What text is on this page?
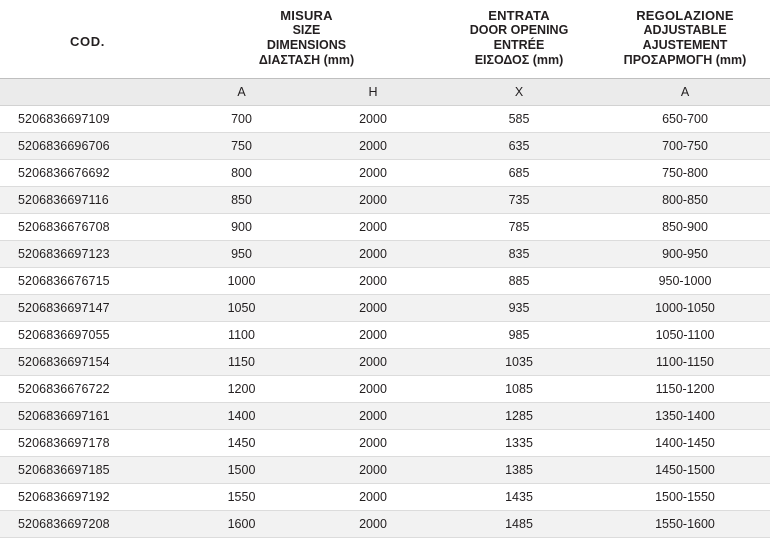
COD.	MISURA
SIZE
DIMENSIONS
ΔΙΑΣΤΑΣΗ (mm)		ENTRATA
DOOR OPENING
ENTRÉE
ΕΙΣΟΔΟΣ (mm)	REGOLAZIONE
ADJUSTABLE
AJUSTEMENT
ΠΡΟΣΑΡΜΟΓΗ (mm)

	A	H	X	A
5206836697109	700	2000	585	650-700
5206836696706	750	2000	635	700-750
5206836676692	800	2000	685	750-800
5206836697116	850	2000	735	800-850
5206836676708	900	2000	785	850-900
5206836697123	950	2000	835	900-950
5206836676715	1000	2000	885	950-1000
5206836697147	1050	2000	935	1000-1050
5206836697055	1100	2000	985	1050-1100
5206836697154	1150	2000	1035	1100-1150
5206836676722	1200	2000	1085	1150-1200
5206836697161	1400	2000	1285	1350-1400
5206836697178	1450	2000	1335	1400-1450
5206836697185	1500	2000	1385	1450-1500
5206836697192	1550	2000	1435	1500-1550
5206836697208	1600	2000	1485	1550-1600
